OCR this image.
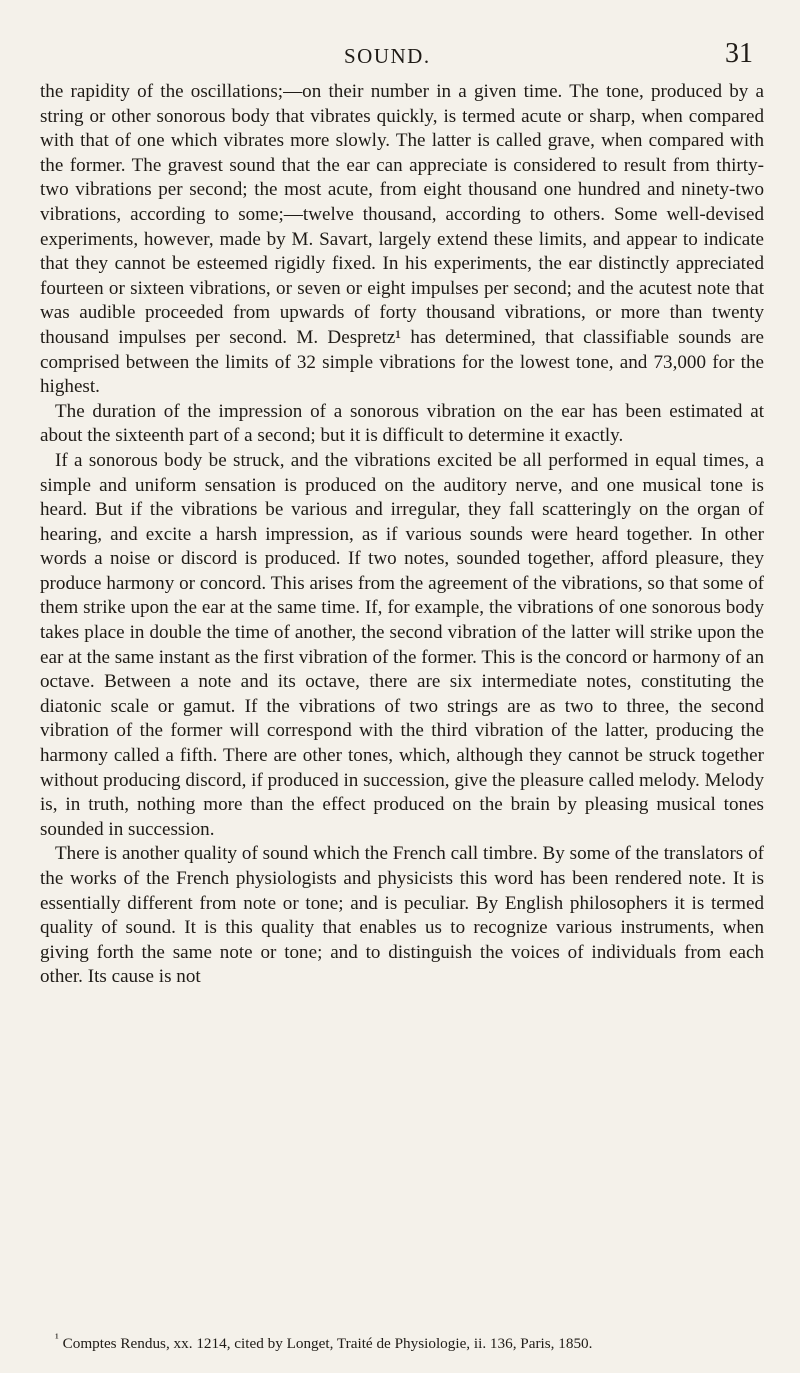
SOUND.	31

the rapidity of the oscillations;—on their number in a given time. The tone, produced by a string or other sonorous body that vibrates quickly, is termed acute or sharp, when compared with that of one which vibrates more slowly. The latter is called grave, when compared with the former. The gravest sound that the ear can appreciate is considered to result from thirty-two vibrations per second; the most acute, from eight thousand one hundred and ninety-two vibrations, according to some;—twelve thousand, according to others. Some well-devised experiments, however, made by M. Savart, largely extend these limits, and appear to indicate that they cannot be esteemed rigidly fixed. In his experiments, the ear distinctly appreciated fourteen or sixteen vibrations, or seven or eight impulses per second; and the acutest note that was audible proceeded from upwards of forty thousand vibrations, or more than twenty thousand impulses per second. M. Despretz¹ has determined, that classifiable sounds are comprised between the limits of 32 simple vibrations for the lowest tone, and 73,000 for the highest.

The duration of the impression of a sonorous vibration on the ear has been estimated at about the sixteenth part of a second; but it is difficult to determine it exactly.

If a sonorous body be struck, and the vibrations excited be all performed in equal times, a simple and uniform sensation is produced on the auditory nerve, and one musical tone is heard. But if the vibrations be various and irregular, they fall scatteringly on the organ of hearing, and excite a harsh impression, as if various sounds were heard together. In other words a noise or discord is produced. If two notes, sounded together, afford pleasure, they produce harmony or concord. This arises from the agreement of the vibrations, so that some of them strike upon the ear at the same time. If, for example, the vibrations of one sonorous body takes place in double the time of another, the second vibration of the latter will strike upon the ear at the same instant as the first vibration of the former. This is the concord or harmony of an octave. Between a note and its octave, there are six intermediate notes, constituting the diatonic scale or gamut. If the vibrations of two strings are as two to three, the second vibration of the former will correspond with the third vibration of the latter, producing the harmony called a fifth. There are other tones, which, although they cannot be struck together without producing discord, if produced in succession, give the pleasure called melody. Melody is, in truth, nothing more than the effect produced on the brain by pleasing musical tones sounded in succession.

There is another quality of sound which the French call timbre. By some of the translators of the works of the French physiologists and physicists this word has been rendered note. It is essentially different from note or tone; and is peculiar. By English philosophers it is termed quality of sound. It is this quality that enables us to recognize various instruments, when giving forth the same note or tone; and to distinguish the voices of individuals from each other. Its cause is not

$^{^1}$ Comptes Rendus, xx. 1214, cited by Longet, Traité de Physiologie, ii. 136, Paris, 1850.
